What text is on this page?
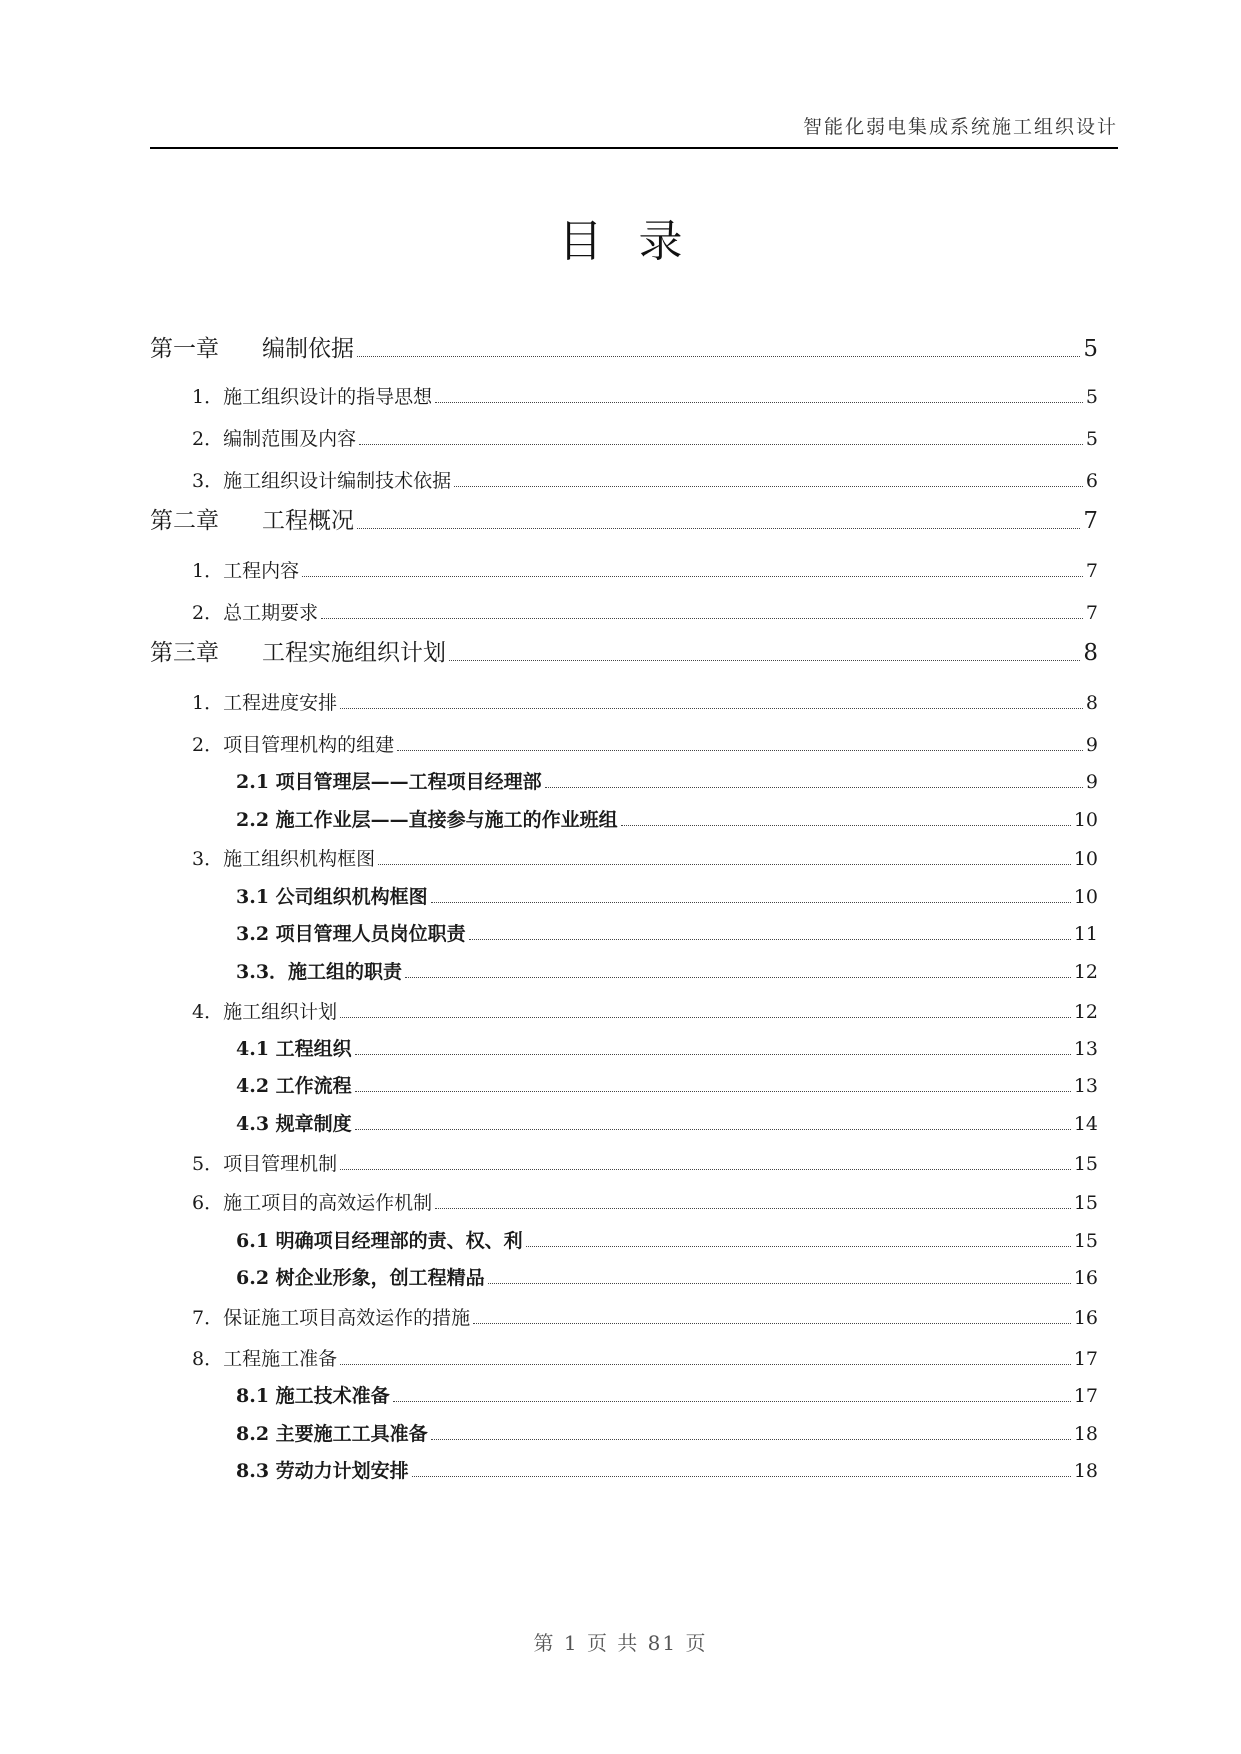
智能化弱电集成系统施工组织设计
目录
第一章 编制依据	5
1．施工组织设计的指导思想	5
2．编制范围及内容	5
3．施工组织设计编制技术依据	6
第二章 工程概况	7
1．工程内容	7
2．总工期要求	7
第三章 工程实施组织计划	8
1．工程进度安排	8
2．项目管理机构的组建	9
2.1 项目管理层——工程项目经理部	9
2.2 施工作业层——直接参与施工的作业班组	10
3．施工组织机构框图	10
3.1 公司组织机构框图	10
3.2 项目管理人员岗位职责	11
3.3．施工组的职责	12
4．施工组织计划	12
4.1 工程组织	13
4.2 工作流程	13
4.3 规章制度	14
5．项目管理机制	15
6．施工项目的高效运作机制	15
6.1 明确项目经理部的责、权、利	15
6.2 树企业形象，创工程精品	16
7．保证施工项目高效运作的措施	16
8．工程施工准备	17
8.1 施工技术准备	17
8.2 主要施工工具准备	18
8.3 劳动力计划安排	18
第 1 页 共 81 页
